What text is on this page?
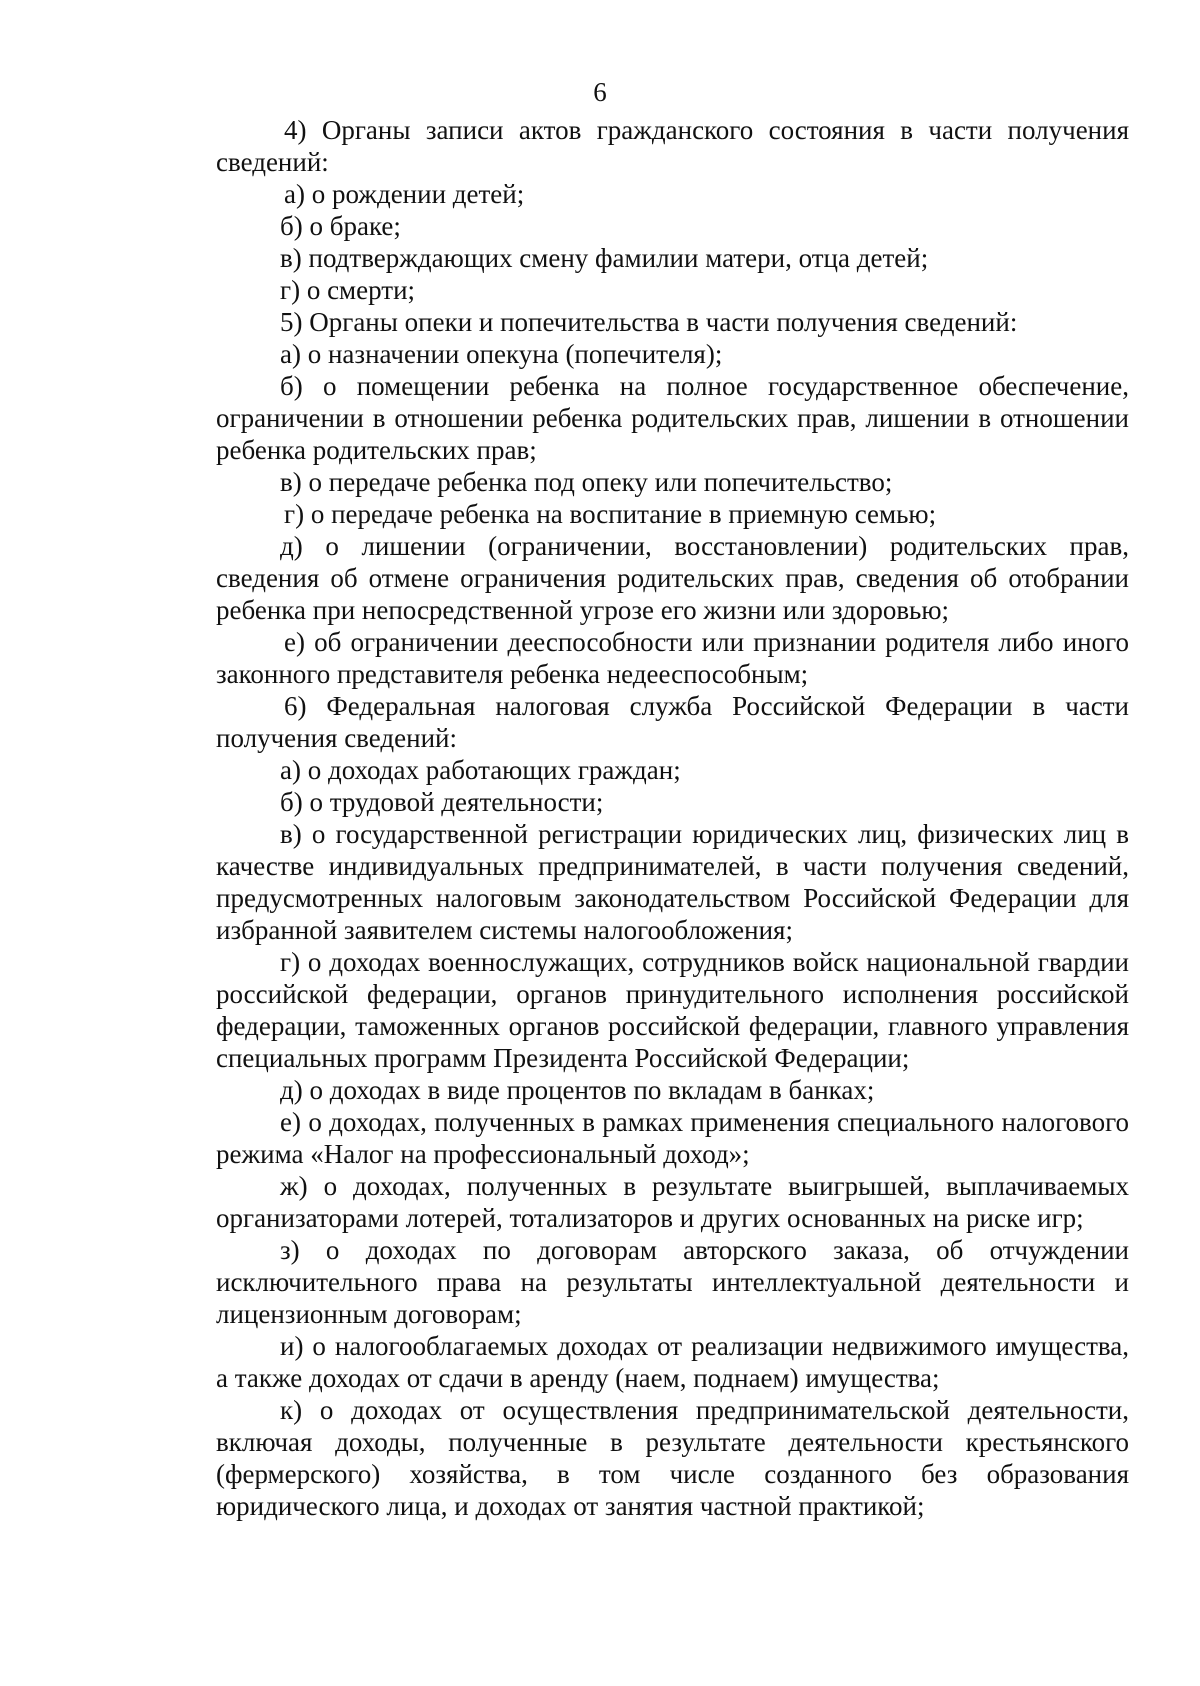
6

4) Органы записи актов гражданского состояния в части получения сведений:

а) о рождении детей;

б) о браке;

в) подтверждающих смену фамилии матери, отца детей;

г) о смерти;

5) Органы опеки и попечительства в части получения сведений:

а) о назначении опекуна (попечителя);

б) о помещении ребенка на полное государственное обеспечение, ограничении в отношении ребенка родительских прав, лишении в отношении ребенка родительских прав;

в) о передаче ребенка под опеку или попечительство;

г) о передаче ребенка на воспитание в приемную семью;

д) о лишении (ограничении, восстановлении) родительских прав, сведения об отмене ограничения родительских прав, сведения об отобрании ребенка при непосредственной угрозе его жизни или здоровью;

е) об ограничении дееспособности или признании родителя либо иного законного представителя ребенка недееспособным;

6) Федеральная налоговая служба Российской Федерации в части получения сведений:

а) о доходах работающих граждан;

б) о трудовой деятельности;

в) о государственной регистрации юридических лиц, физических лиц в качестве индивидуальных предпринимателей, в части получения сведений, предусмотренных налоговым законодательством Российской Федерации для избранной заявителем системы налогообложения;

г) о доходах военнослужащих, сотрудников войск национальной гвардии российской федерации, органов принудительного исполнения российской федерации, таможенных органов российской федерации, главного управления специальных программ Президента Российской Федерации;

д) о доходах в виде процентов по вкладам в банках;

е) о доходах, полученных в рамках применения специального налогового режима «Налог на профессиональный доход»;

ж) о доходах, полученных в результате выигрышей, выплачиваемых организаторами лотерей, тотализаторов и других основанных на риске игр;

з) о доходах по договорам авторского заказа, об отчуждении исключительного права на результаты интеллектуальной деятельности и лицензионным договорам;

и) о налогооблагаемых доходах от реализации недвижимого имущества, а также доходах от сдачи в аренду (наем, поднаем) имущества;

к) о доходах от осуществления предпринимательской деятельности, включая доходы, полученные в результате деятельности крестьянского (фермерского) хозяйства, в том числе созданного без образования юридического лица, и доходах от занятия частной практикой;
